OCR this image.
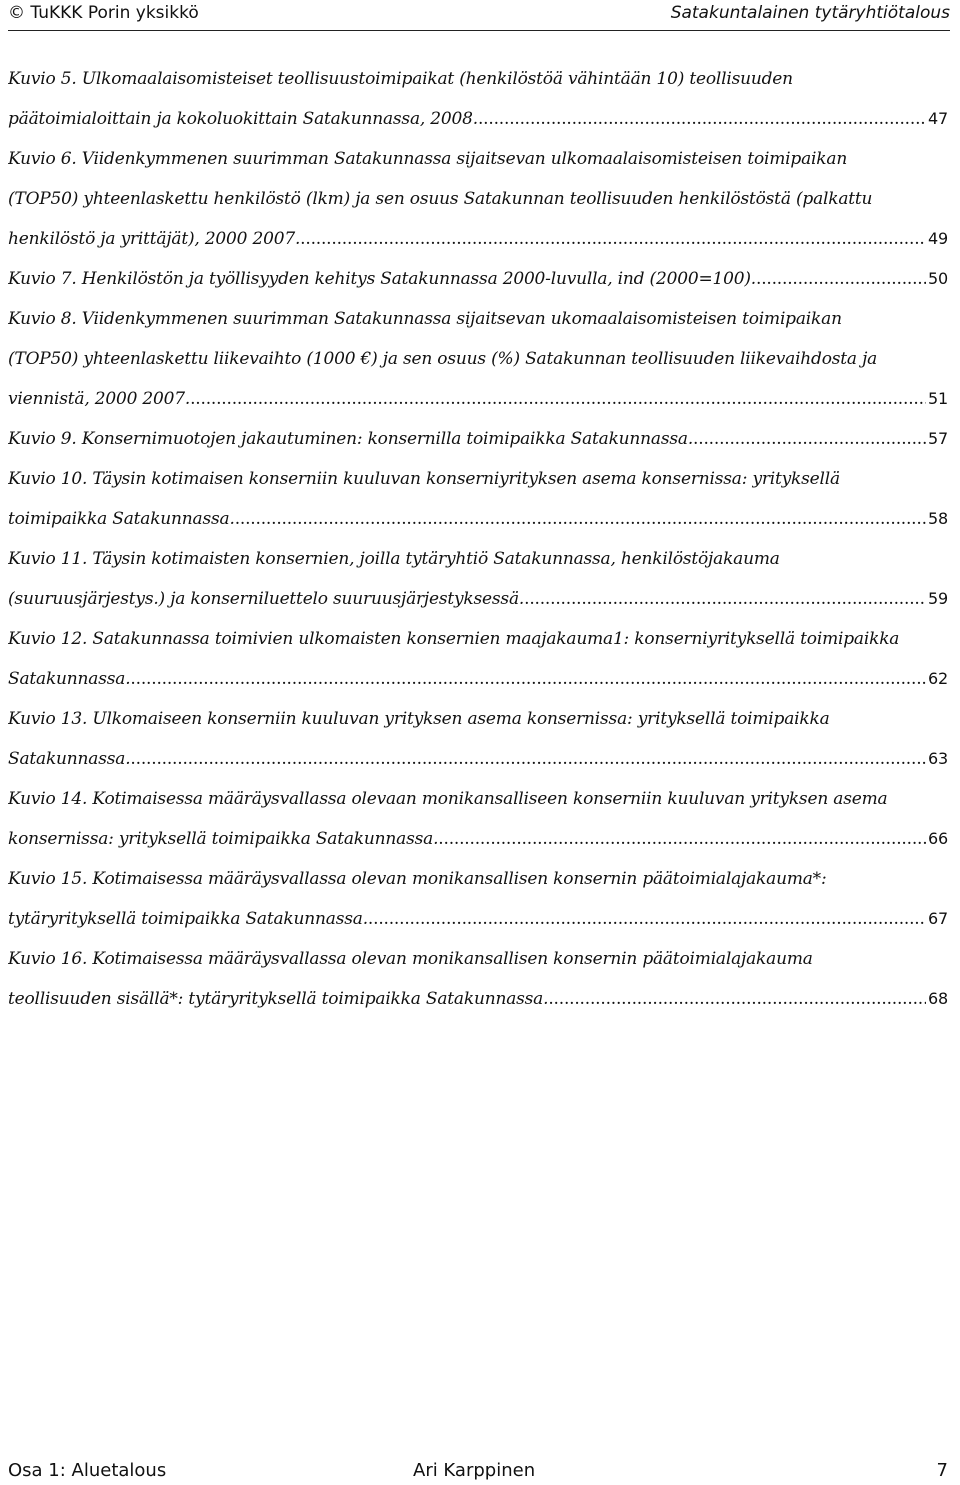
© TuKKK Porin yksikkö	Satakuntalainen tytäryhtiötalous
Kuvio 5. Ulkomaalaisomisteiset teollisuustoimipaikat (henkilöstöä vähintään 10) teollisuuden
päätoimialoittain ja kokoluokittain Satakunnassa, 2008. .....	47
Kuvio 6. Viidenkymmenen suurimman Satakunnassa sijaitsevan ulkomaalaisomisteisen toimipaikan
(TOP50) yhteenlaskettu henkilöstö (lkm) ja sen osuus Satakunnan teollisuuden henkilöstöstä (palkattu
henkilöstö ja yrittäjät), 2000 2007. .....	49
Kuvio 7. Henkilöstön ja työllisyyden kehitys Satakunnassa 2000-luvulla, ind (2000=100). .....	50
Kuvio 8. Viidenkymmenen suurimman Satakunnassa sijaitsevan ukomaalaisomisteisen toimipaikan
(TOP50) yhteenlaskettu liikevaihto (1000 €) ja sen osuus (%) Satakunnan teollisuuden liikevaihdosta ja
viennistä, 2000 2007. .....	51
Kuvio 9. Konsernimuotojen jakautuminen: konsernilla toimipaikka Satakunnassa. .....	57
Kuvio 10. Täysin kotimaisen konserniin kuuluvan konserniyrityksen asema konsernissa: yrityksellä
toimipaikka Satakunnassa. .....	58
Kuvio 11. Täysin kotimaisten konsernien, joilla tytäryhtiö Satakunnassa, henkilöstöjakauma
(suuruusjärjestys.) ja konserniluettelo suuruusjärjestyksessä. .....	59
Kuvio 12. Satakunnassa toimivien ulkomaisten konsernien maajakauma1: konserniyrityksellä toimipaikka
Satakunnassa. .....	62
Kuvio 13. Ulkomaiseen konserniin kuuluvan yrityksen asema konsernissa: yrityksellä toimipaikka
Satakunnassa. .....	63
Kuvio 14. Kotimaisessa määräysvallassa olevaan monikansalliseen konserniin kuuluvan yrityksen asema
konsernissa: yrityksellä toimipaikka Satakunnassa. .....	66
Kuvio 15. Kotimaisessa määräysvallassa olevan monikansallisen konsernin päätoimialajakauma*:
tytäryrityksellä toimipaikka Satakunnassa. .....	67
Kuvio 16. Kotimaisessa määräysvallassa olevan monikansallisen konsernin päätoimialajakauma
teollisuuden sisällä*: tytäryrityksellä toimipaikka Satakunnassa. .....	68
Osa 1: Aluetalous	Ari Karppinen	7
